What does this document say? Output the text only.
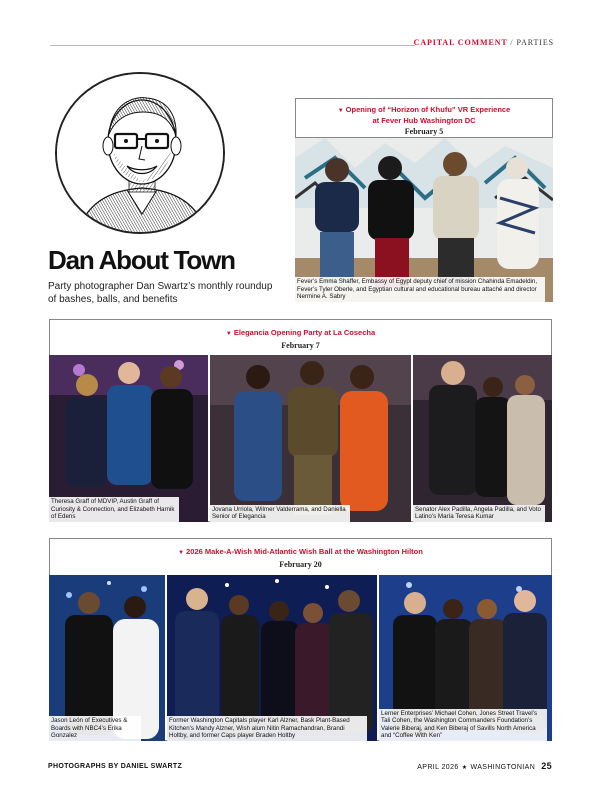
CAPITAL COMMENT / PARTIES
Dan About Town
Party photographer Dan Swartz’s monthly roundup of bashes, balls, and benefits
▼ Opening of “Horizon of Khufu” VR Experience
at Fever Hub Washington DC
February 5
Fever’s Emma Shaffer, Embassy of Egypt deputy chief of mission Chahinda Emadeldin, Fever’s Tyler Oberle, and Egyptian cultural and educational bureau attaché and director Nermine A. Sabry
▼ Elegancia Opening Party at La Cosecha
February 7
Theresa Graff of MDVIP, Austin Graff of Curiosity & Connection, and Elizabeth Harnik of Edens
Jovana Urriola, Wilmer Valderrama, and Daniella Senior of Elegancia
Senator Alex Padilla, Angela Padilla, and Voto Latino’s María Teresa Kumar
▼ 2026 Make-A-Wish Mid-Atlantic Wish Ball at the Washington Hilton
February 20
Jason León of Executives & Boards with NBC4’s Erika Gonzalez
Former Washington Capitals player Karl Alzner, Bask Plant-Based Kitchen’s Mandy Alzner, Wish alum Nitin Ramachandran, Brandi Holtby, and former Caps player Braden Holtby
Lerner Enterprises’ Michael Cohen, Jones Street Travel’s Tali Cohen, the Washington Commanders Foundation’s Valerie Biberaj, and Ken Biberaj of Savills North America and “Coffee With Ken”
PHOTOGRAPHS BY DANIEL SWARTZ	APRIL 2026 ★ WASHINGTONIAN 25
